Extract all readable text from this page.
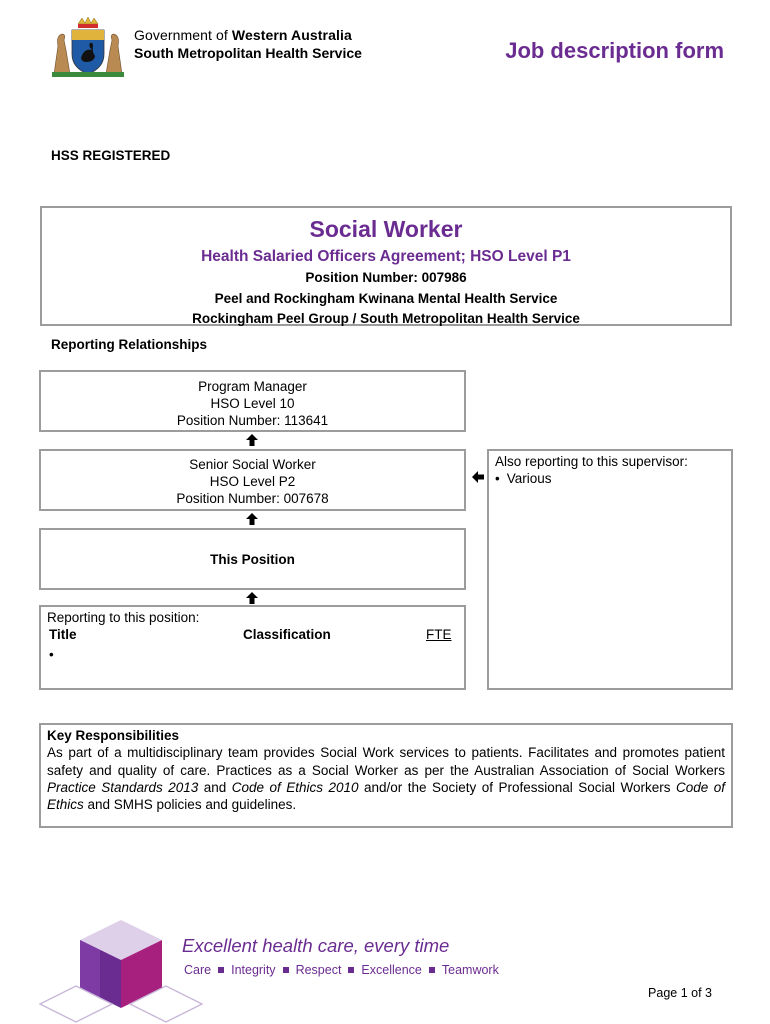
Government of Western Australia
South Metropolitan Health Service	Job description form
HSS REGISTERED
Social Worker
Health Salaried Officers Agreement; HSO Level P1
Position Number: 007986
Peel and Rockingham Kwinana Mental Health Service
Rockingham Peel Group / South Metropolitan Health Service
Reporting Relationships
Program Manager
HSO Level 10
Position Number: 113641
Senior Social Worker
HSO Level P2
Position Number: 007678
This Position
Reporting to this position:
Title	Classification	FTE
•
Also reporting to this supervisor:
• Various
Key Responsibilities
As part of a multidisciplinary team provides Social Work services to patients. Facilitates and promotes patient safety and quality of care. Practices as a Social Worker as per the Australian Association of Social Workers Practice Standards 2013 and Code of Ethics 2010 and/or the Society of Professional Social Workers Code of Ethics and SMHS policies and guidelines.
Excellent health care, every time
Care Integrity Respect Excellence Teamwork
Page 1 of 3
